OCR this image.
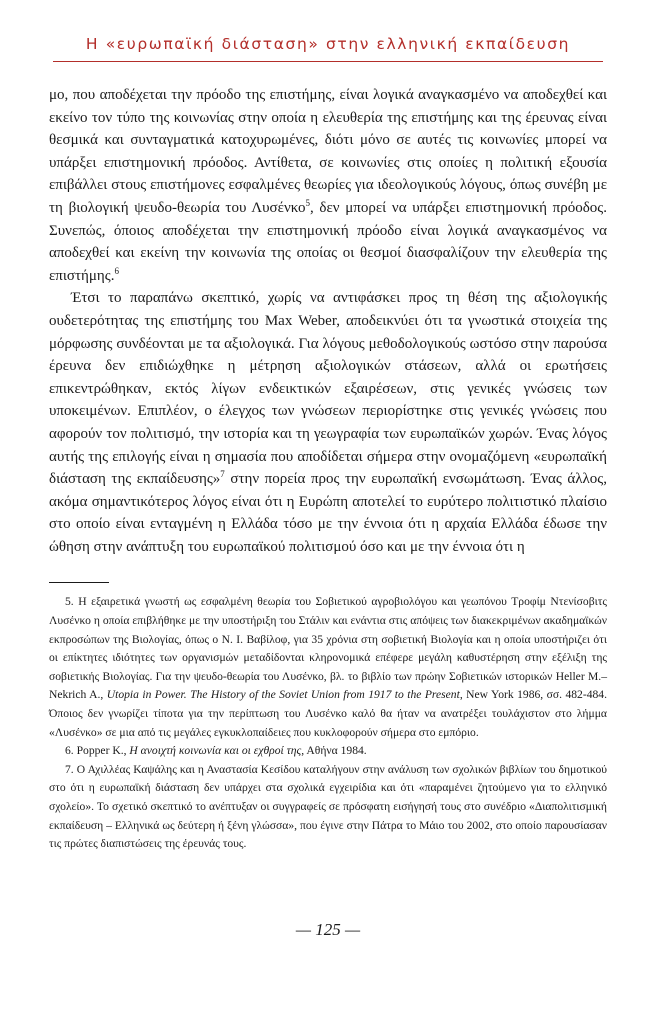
Η «ευρωπαϊκή διάσταση» στην ελληνική εκπαίδευση

μο, που αποδέχεται την πρόοδο της επιστήμης, είναι λογικά αναγκασμένο να αποδεχθεί και εκείνο τον τύπο της κοινωνίας στην οποία η ελευθερία της επιστήμης και της έρευνας είναι θεσμικά και συνταγματικά κατοχυρωμένες, διότι μόνο σε αυτές τις κοινωνίες μπορεί να υπάρξει επιστημονική πρόοδος. Αντίθετα, σε κοινωνίες στις οποίες η πολιτική εξουσία επιβάλλει στους επιστήμονες εσφαλμένες θεωρίες για ιδεολογικούς λόγους, όπως συνέβη με τη βιολογική ψευδο-θεωρία του Λυσένκο$^5$, δεν μπορεί να υπάρξει επιστημονική πρόοδος. Συνεπώς, όποιος αποδέχεται την επιστημονική πρόοδο είναι λογικά αναγκασμένος να αποδεχθεί και εκείνη την κοινωνία της οποίας οι θεσμοί διασφαλίζουν την ελευθερία της επιστήμης.$^6$

Έτσι το παραπάνω σκεπτικό, χωρίς να αντιφάσκει προς τη θέση της αξιολογικής ουδετερότητας της επιστήμης του Max Weber, αποδεικνύει ότι τα γνωστικά στοιχεία της μόρφωσης συνδέονται με τα αξιολογικά. Για λόγους μεθοδολογικούς ωστόσο στην παρούσα έρευνα δεν επιδιώχθηκε η μέτρηση αξιολογικών στάσεων, αλλά οι ερωτήσεις επικεντρώθηκαν, εκτός λίγων ενδεικτικών εξαιρέσεων, στις γενικές γνώσεις των υποκειμένων. Επιπλέον, ο έλεγχος των γνώσεων περιορίστηκε στις γενικές γνώσεις που αφορούν τον πολιτισμό, την ιστορία και τη γεωγραφία των ευρωπαϊκών χωρών. Ένας λόγος αυτής της επιλογής είναι η σημασία που αποδίδεται σήμερα στην ονομαζόμενη «ευρωπαϊκή διάσταση της εκπαίδευσης»$^7$ στην πορεία προς την ευρωπαϊκή ενσωμάτωση. Ένας άλλος, ακόμα σημαντικότερος λόγος είναι ότι η Ευρώπη αποτελεί το ευρύτερο πολιτιστικό πλαίσιο στο οποίο είναι ενταγμένη η Ελλάδα τόσο με την έννοια ότι η αρχαία Ελλάδα έδωσε την ώθηση στην ανάπτυξη του ευρωπαϊκού πολιτισμού όσο και με την έννοια ότι η

5. Η εξαιρετικά γνωστή ως εσφαλμένη θεωρία του Σοβιετικού αγροβιολόγου και γεωπόνου Τροφίμ Ντενίσοβιτς Λυσένκο η οποία επιβλήθηκε με την υποστήριξη του Στάλιν και ενάντια στις απόψεις των διακεκριμένων ακαδημαϊκών εκπροσώπων της Βιολογίας, όπως ο N. I. Βαβίλοφ, για 35 χρόνια στη σοβιετική Βιολογία και η οποία υποστήριζει ότι οι επίκτητες ιδιότητες των οργανισμών μεταδίδονται κληρονομικά επέφερε μεγάλη καθυστέρηση στην εξέλιξη της σοβιετικής Βιολογίας. Για την ψευδο-θεωρία του Λυσένκο, βλ. το βιβλίο των πρώην Σοβιετικών ιστορικών Heller M.– Nekrich A., Utopia in Power. The History of the Soviet Union from 1917 to the Present, New York 1986, σσ. 482-484. Όποιος δεν γνωρίζει τίποτα για την περίπτωση του Λυσένκο καλό θα ήταν να ανατρέξει τουλάχιστον στο λήμμα «Λυσένκο» σε μια από τις μεγάλες εγκυκλοπαίδειες που κυκλοφορούν σήμερα στο εμπόριο.

6. Popper K., Η ανοιχτή κοινωνία και οι εχθροί της, Αθήνα 1984.

7. Ο Αχιλλέας Καψάλης και η Αναστασία Κεσίδου καταλήγουν στην ανάλυση των σχολικών βιβλίων του δημοτικού στο ότι η ευρωπαϊκή διάσταση δεν υπάρχει στα σχολικά εγχειρίδια και ότι «παραμένει ζητούμενο για το ελληνικό σχολείο». Το σχετικό σκεπτικό το ανέπτυξαν οι συγγραφείς σε πρόσφατη εισήγησή τους στο συνέδριο «Διαπολιτισμική εκπαίδευση – Ελληνικά ως δεύτερη ή ξένη γλώσσα», που έγινε στην Πάτρα το Μάιο του 2002, στο οποίο παρουσίασαν τις πρώτες διαπιστώσεις της έρευνάς τους.

— 125 —
